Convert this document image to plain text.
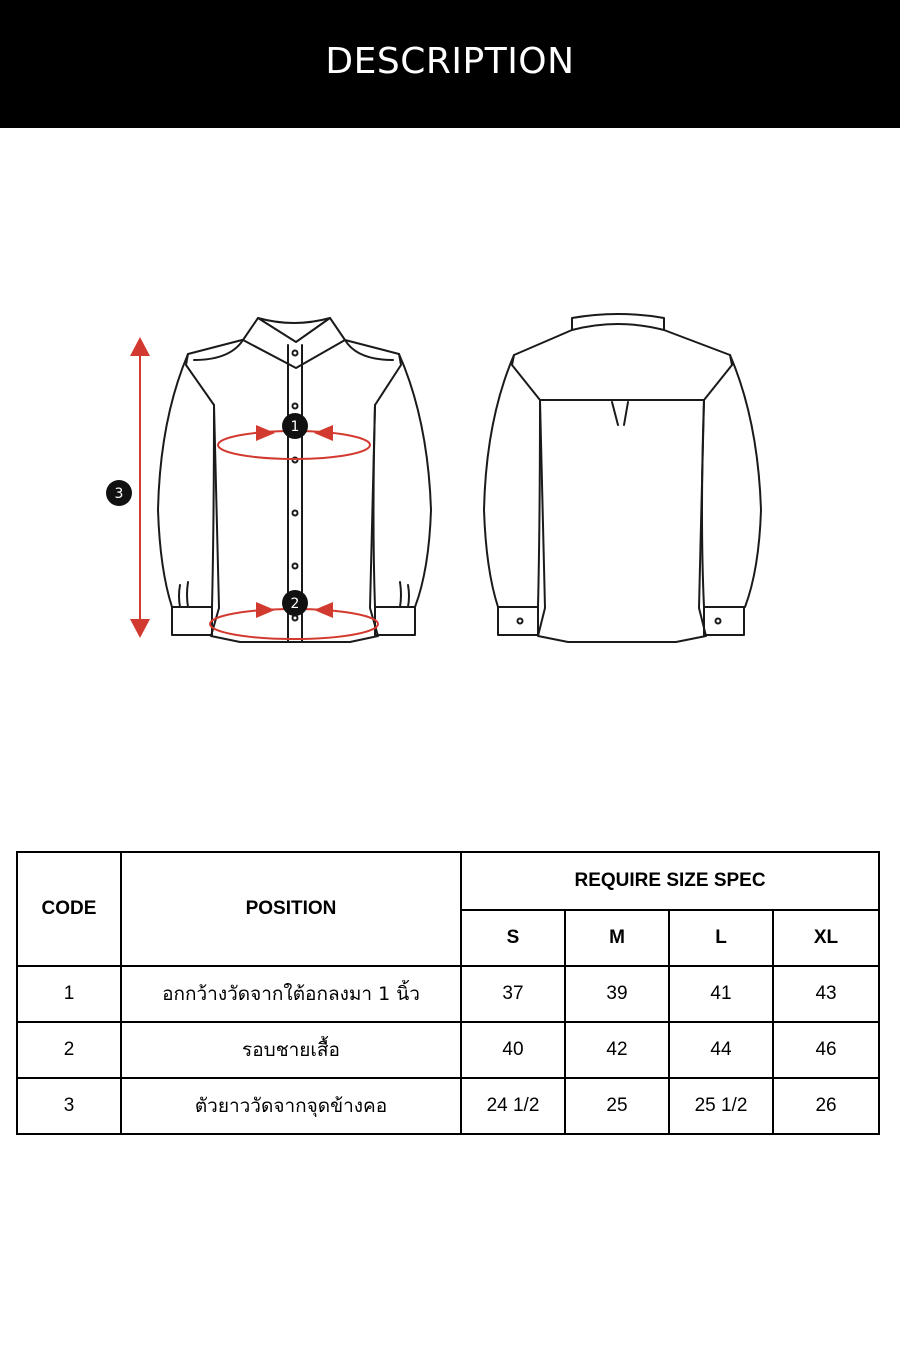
DESCRIPTION
1
2
3
CODE	POSITION	REQUIRE SIZE SPEC			
		S	M	L	XL
1	อกกว้างวัดจากใต้อกลงมา 1 นิ้ว	37	39	41	43
2	รอบชายเสื้อ	40	42	44	46
3	ตัวยาววัดจากจุดข้างคอ	24 1/2	25	25 1/2	26
